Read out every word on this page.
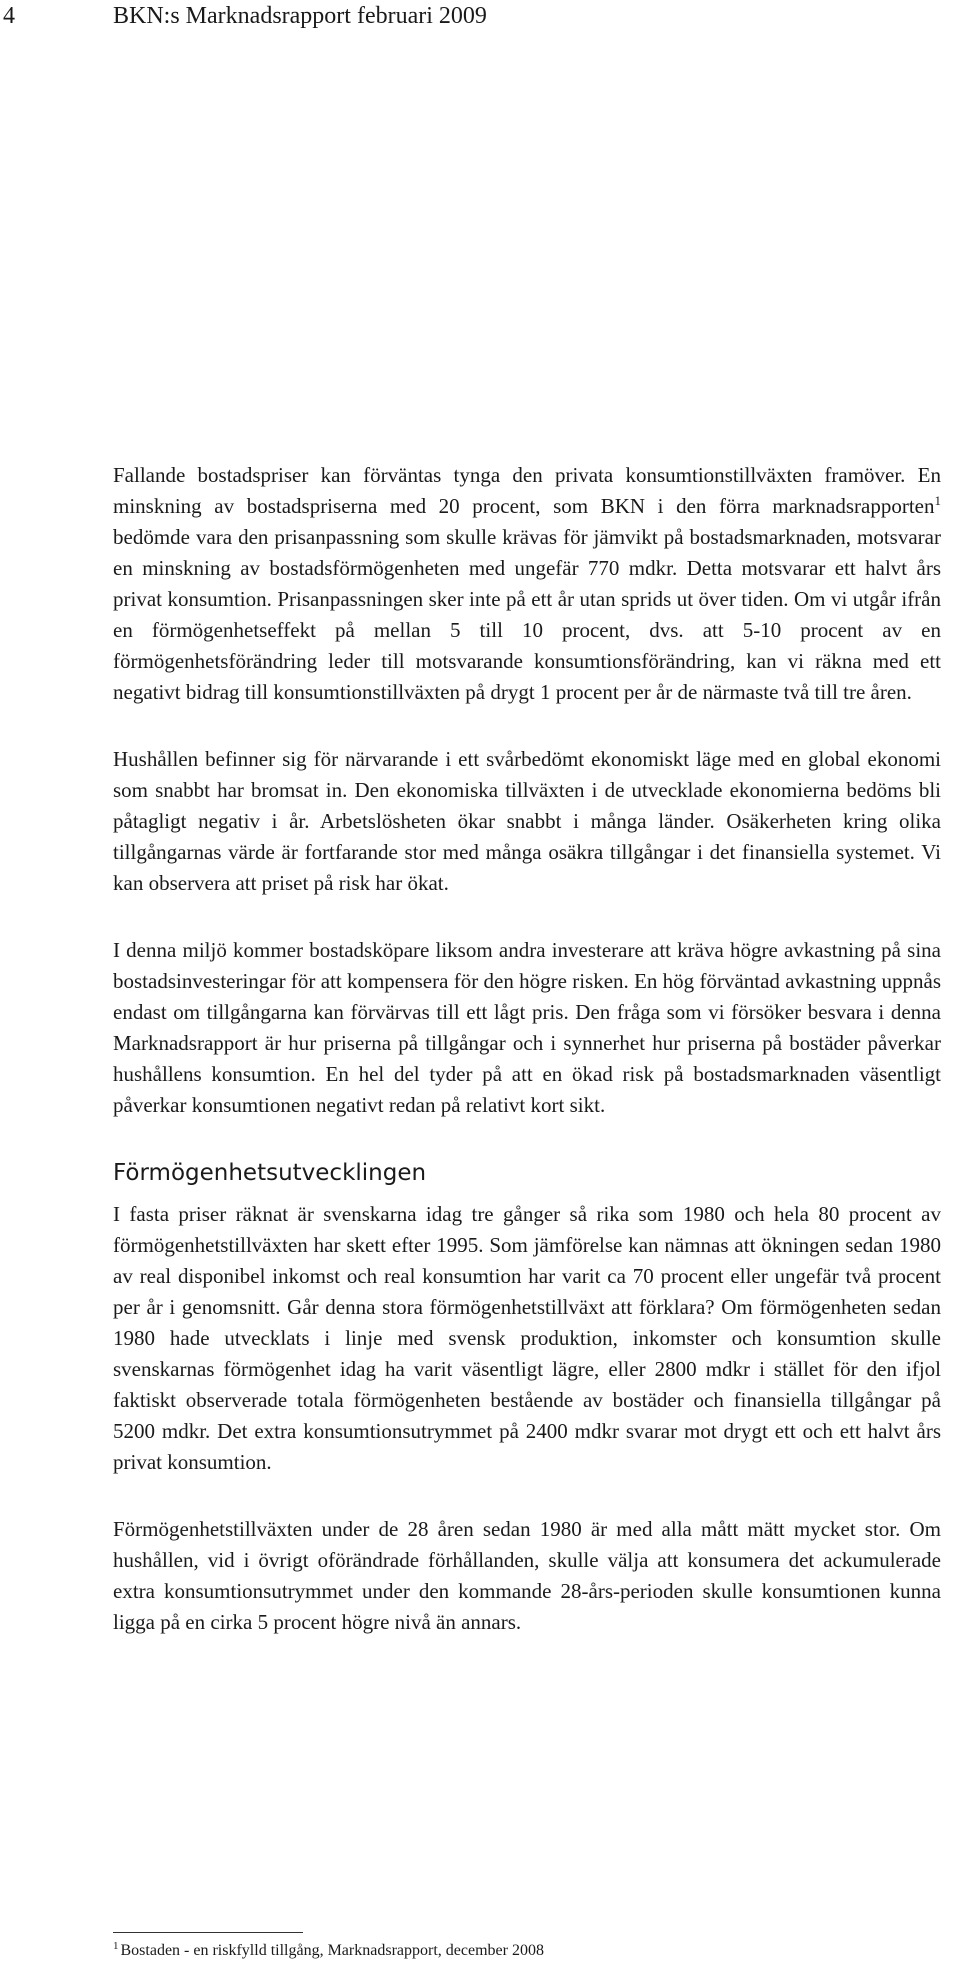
4	BKN:s Marknadsrapport februari 2009

Fallande bostadspriser kan förväntas tynga den privata konsumtionstillväxten framöver. En minskning av bostadspriserna med 20 procent, som BKN i den förra marknadsrapporten$^1$ bedömde vara den prisanpassning som skulle krävas för jämvikt på bostadsmarknaden, motsvarar en minskning av bostadsförmögenheten med ungefär 770 mdkr. Detta motsvarar ett halvt års privat konsumtion. Prisanpassningen sker inte på ett år utan sprids ut över tiden. Om vi utgår ifrån en förmögenhetseffekt på mellan 5 till 10 procent, dvs. att 5-10 procent av en förmögenhetsförändring leder till motsvarande konsumtionsförändring, kan vi räkna med ett negativt bidrag till konsumtionstillväxten på drygt 1 procent per år de närmaste två till tre åren.

Hushållen befinner sig för närvarande i ett svårbedömt ekonomiskt läge med en global ekonomi som snabbt har bromsat in. Den ekonomiska tillväxten i de utvecklade ekonomierna bedöms bli påtagligt negativ i år. Arbetslösheten ökar snabbt i många länder. Osäkerheten kring olika tillgångarnas värde är fortfarande stor med många osäkra tillgångar i det finansiella systemet. Vi kan observera att priset på risk har ökat.

I denna miljö kommer bostadsköpare liksom andra investerare att kräva högre avkastning på sina bostadsinvesteringar för att kompensera för den högre risken. En hög förväntad avkastning uppnås endast om tillgångarna kan förvärvas till ett lågt pris. Den fråga som vi försöker besvara i denna Marknadsrapport är hur priserna på tillgångar och i synnerhet hur priserna på bostäder påverkar hushållens konsumtion. En hel del tyder på att en ökad risk på bostadsmarknaden väsentligt påverkar konsumtionen negativt redan på relativt kort sikt.

Förmögenhetsutvecklingen

I fasta priser räknat är svenskarna idag tre gånger så rika som 1980 och hela 80 procent av förmögenhetstillväxten har skett efter 1995. Som jämförelse kan nämnas att ökningen sedan 1980 av real disponibel inkomst och real konsumtion har varit ca 70 procent eller ungefär två procent per år i genomsnitt. Går denna stora förmögenhetstillväxt att förklara? Om förmögenheten sedan 1980 hade utvecklats i linje med svensk produktion, inkomster och konsumtion skulle svenskarnas förmögenhet idag ha varit väsentligt lägre, eller 2800 mdkr i stället för den ifjol faktiskt observerade totala förmögenheten bestående av bostäder och finansiella tillgångar på 5200 mdkr. Det extra konsumtionsutrymmet på 2400 mdkr svarar mot drygt ett och ett halvt års privat konsumtion.

Förmögenhetstillväxten under de 28 åren sedan 1980 är med alla mått mätt mycket stor. Om hushållen, vid i övrigt oförändrade förhållanden, skulle välja att konsumera det ackumulerade extra konsumtionsutrymmet under den kommande 28-års-perioden skulle konsumtionen kunna ligga på en cirka 5 procent högre nivå än annars.

$^1$ Bostaden - en riskfylld tillgång, Marknadsrapport, december 2008
